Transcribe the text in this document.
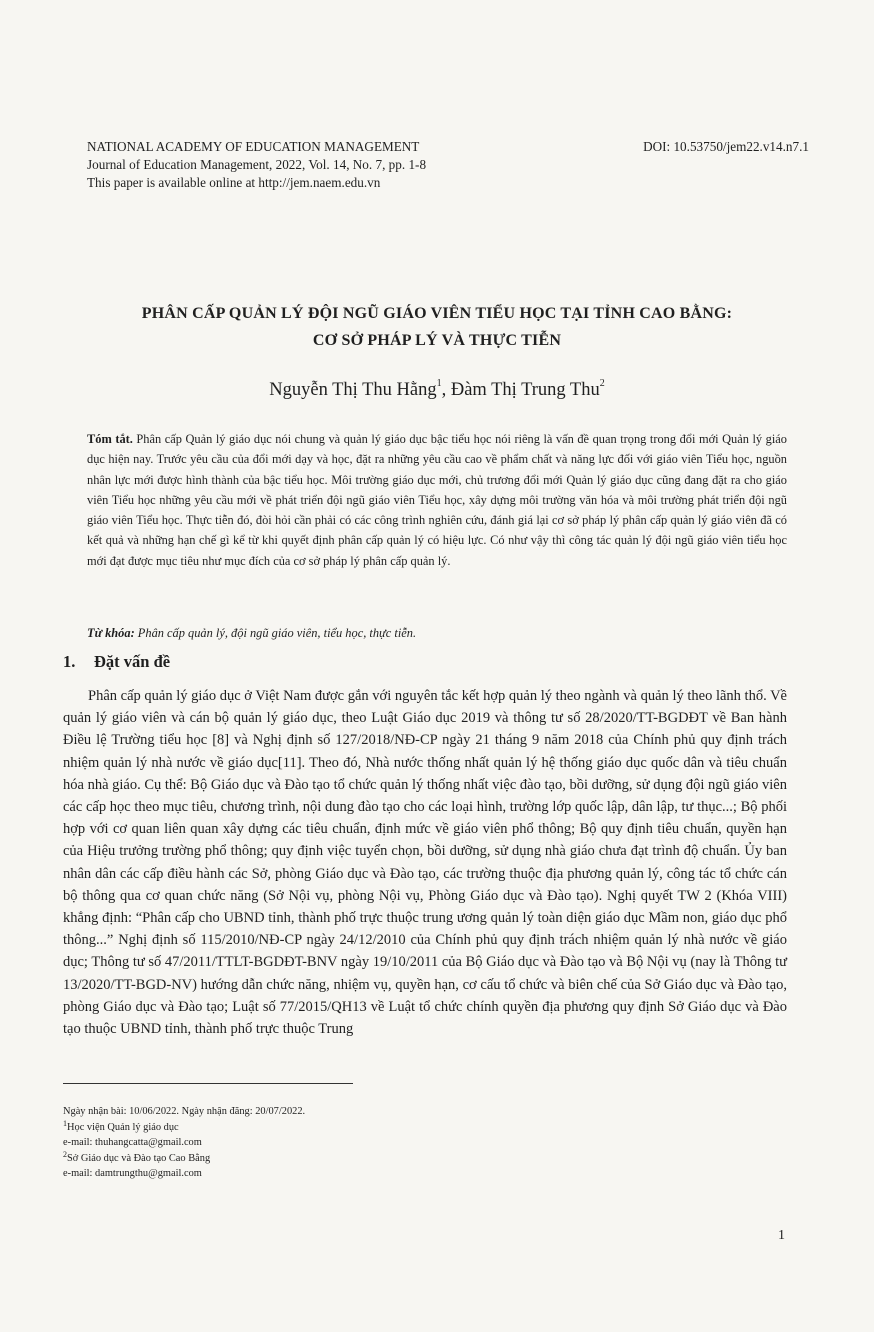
NATIONAL ACADEMY OF EDUCATION MANAGEMENT	DOI: 10.53750/jem22.v14.n7.1
Journal of Education Management, 2022, Vol. 14, No. 7, pp. 1-8
This paper is available online at http://jem.naem.edu.vn
PHÂN CẤP QUẢN LÝ ĐỘI NGŨ GIÁO VIÊN TIỂU HỌC TẠI TỈNH CAO BẰNG:
CƠ SỞ PHÁP LÝ VÀ THỰC TIỄN
Nguyễn Thị Thu Hằng$^1$, Đàm Thị Trung Thu$^2$
Tóm tắt. Phân cấp Quản lý giáo dục nói chung và quản lý giáo dục bậc tiểu học nói riêng là vấn đề quan trọng trong đổi mới Quản lý giáo dục hiện nay. Trước yêu cầu của đổi mới dạy và học, đặt ra những yêu cầu cao về phẩm chất và năng lực đối với giáo viên Tiểu học, nguồn nhân lực mới được hình thành của bậc tiểu học. Môi trường giáo dục mới, chủ trương đổi mới Quản lý giáo dục cũng đang đặt ra cho giáo viên Tiểu học những yêu cầu mới về phát triển đội ngũ giáo viên Tiểu học, xây dựng môi trường văn hóa và môi trường phát triển đội ngũ giáo viên Tiểu học. Thực tiễn đó, đòi hỏi cần phải có các công trình nghiên cứu, đánh giá lại cơ sở pháp lý phân cấp quản lý giáo viên đã có kết quả và những hạn chế gì kể từ khi quyết định phân cấp quản lý có hiệu lực. Có như vậy thì công tác quản lý đội ngũ giáo viên tiểu học mới đạt được mục tiêu như mục đích của cơ sở pháp lý phân cấp quản lý.
Từ khóa: Phân cấp quản lý, đội ngũ giáo viên, tiểu học, thực tiễn.
1. Đặt vấn đề
Phân cấp quản lý giáo dục ở Việt Nam được gắn với nguyên tắc kết hợp quản lý theo ngành và quản lý theo lãnh thổ. Về quản lý giáo viên và cán bộ quản lý giáo dục, theo Luật Giáo dục 2019 và thông tư số 28/2020/TT-BGDĐT về Ban hành Điều lệ Trường tiểu học [8] và Nghị định số 127/2018/NĐ-CP ngày 21 tháng 9 năm 2018 của Chính phủ quy định trách nhiệm quản lý nhà nước về giáo dục[11]. Theo đó, Nhà nước thống nhất quản lý hệ thống giáo dục quốc dân và tiêu chuẩn hóa nhà giáo. Cụ thể: Bộ Giáo dục và Đào tạo tổ chức quản lý thống nhất việc đào tạo, bồi dưỡng, sử dụng đội ngũ giáo viên các cấp học theo mục tiêu, chương trình, nội dung đào tạo cho các loại hình, trường lớp quốc lập, dân lập, tư thục...; Bộ phối hợp với cơ quan liên quan xây dựng các tiêu chuẩn, định mức về giáo viên phổ thông; Bộ quy định tiêu chuẩn, quyền hạn của Hiệu trưởng trường phổ thông; quy định việc tuyển chọn, bồi dưỡng, sử dụng nhà giáo chưa đạt trình độ chuẩn. Ủy ban nhân dân các cấp điều hành các Sở, phòng Giáo dục và Đào tạo, các trường thuộc địa phương quản lý, công tác tổ chức cán bộ thông qua cơ quan chức năng (Sở Nội vụ, phòng Nội vụ, Phòng Giáo dục và Đào tạo). Nghị quyết TW 2 (Khóa VIII) khẳng định: “Phân cấp cho UBND tỉnh, thành phố trực thuộc trung ương quản lý toàn diện giáo dục Mầm non, giáo dục phổ thông...” Nghị định số 115/2010/NĐ-CP ngày 24/12/2010 của Chính phủ quy định trách nhiệm quản lý nhà nước về giáo dục; Thông tư số 47/2011/TTLT-BGDĐT-BNV ngày 19/10/2011 của Bộ Giáo dục và Đào tạo và Bộ Nội vụ (nay là Thông tư 13/2020/TT-BGD-NV) hướng dẫn chức năng, nhiệm vụ, quyền hạn, cơ cấu tổ chức và biên chế của Sở Giáo dục và Đào tạo, phòng Giáo dục và Đào tạo; Luật số 77/2015/QH13 về Luật tổ chức chính quyền địa phương quy định Sở Giáo dục và Đào tạo thuộc UBND tỉnh, thành phố trực thuộc Trung
Ngày nhận bài: 10/06/2022. Ngày nhận đăng: 20/07/2022.
$^1$Học viện Quản lý giáo dục
e-mail: thuhangcatta@gmail.com
$^2$Sở Giáo dục và Đào tạo Cao Bằng
e-mail: damtrungthu@gmail.com
1
